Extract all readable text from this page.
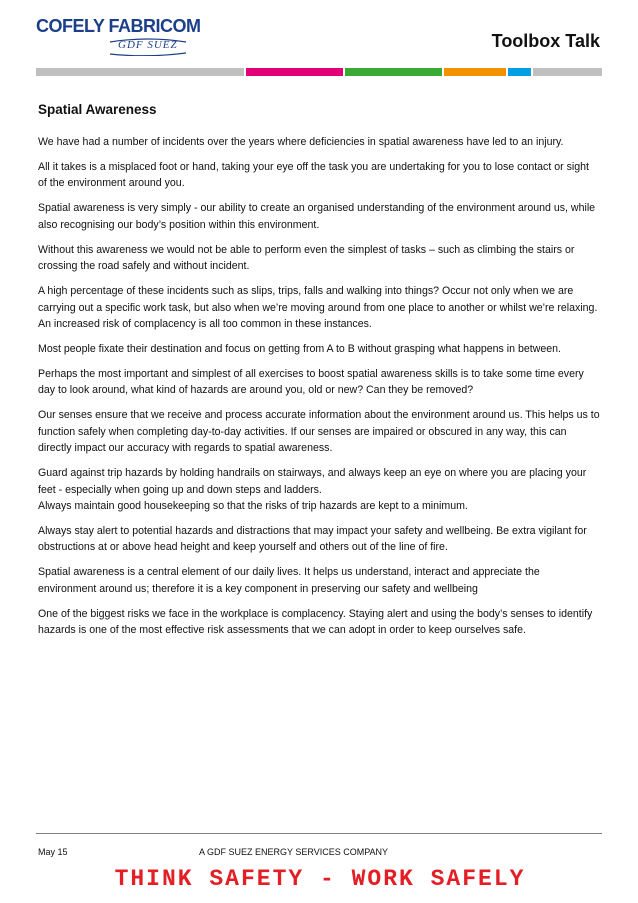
COFELY FABRICOM
GDF SUEZ	Toolbox Talk
Spatial Awareness

We have had a number of incidents over the years where deficiencies in spatial awareness have led to an injury.

All it takes is a misplaced foot or hand, taking your eye off the task you are undertaking for you to lose contact or sight of the environment around you.

Spatial awareness is very simply - our ability to create an organised understanding of the environment around us, while also recognising our body’s position within this environment.

Without this awareness we would not be able to perform even the simplest of tasks – such as climbing the stairs or crossing the road safely and without incident.

A high percentage of these incidents such as slips, trips, falls and walking into things? Occur not only when we are carrying out a specific work task, but also when we’re moving around from one place to another or whilst we’re relaxing. An increased risk of complacency is all too common in these instances.

Most people fixate their destination and focus on getting from A to B without grasping what happens in between.

Perhaps the most important and simplest of all exercises to boost spatial awareness skills is to take some time every day to look around, what kind of hazards are around you, old or new? Can they be removed?

Our senses ensure that we receive and process accurate information about the environment around us. This helps us to function safely when completing day-to-day activities. If our senses are impaired or obscured in any way, this can directly impact our accuracy with regards to spatial awareness.

Guard against trip hazards by holding handrails on stairways, and always keep an eye on where you are placing your feet - especially when going up and down steps and ladders.

Always maintain good housekeeping so that the risks of trip hazards are kept to a minimum.

Always stay alert to potential hazards and distractions that may impact your safety and wellbeing. Be extra vigilant for obstructions at or above head height and keep yourself and others out of the line of fire.

Spatial awareness is a central element of our daily lives. It helps us understand, interact and appreciate the environment around us; therefore it is a key component in preserving our safety and wellbeing

One of the biggest risks we face in the workplace is complacency. Staying alert and using the body’s senses to identify hazards is one of the most effective risk assessments that we can adopt in order to keep ourselves safe.

May 15	A GDF SUEZ ENERGY SERVICES COMPANY
THINK SAFETY - WORK SAFELY
